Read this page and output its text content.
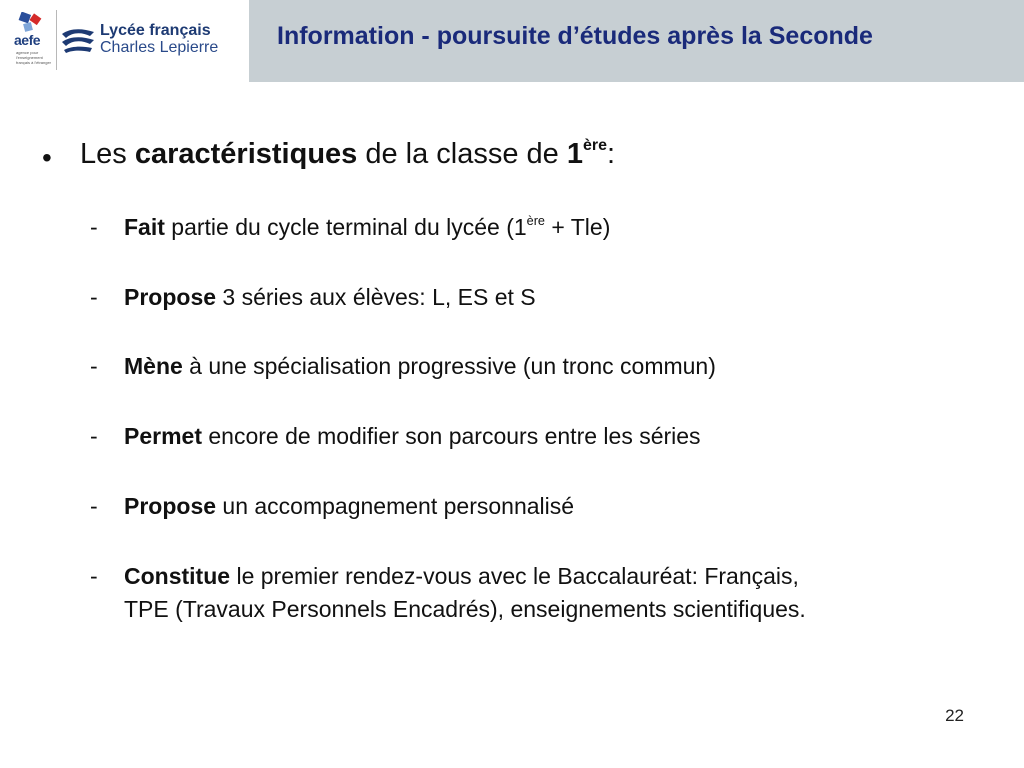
aefe
agence pour l'enseignement français à l'étranger
Lycée français
Charles Lepierre Information - poursuite d’études après la Seconde
• Les caractéristiques de la classe de 1ère:
- Fait partie du cycle terminal du lycée (1ère + Tle)
- Propose 3 séries aux élèves: L, ES et S
- Mène à une spécialisation progressive (un tronc commun)
- Permet encore de modifier son parcours entre les séries
- Propose un accompagnement personnalisé
- Constitue le premier rendez-vous avec le Baccalauréat: Français,
TPE (Travaux Personnels Encadrés), enseignements scientifiques.
22
